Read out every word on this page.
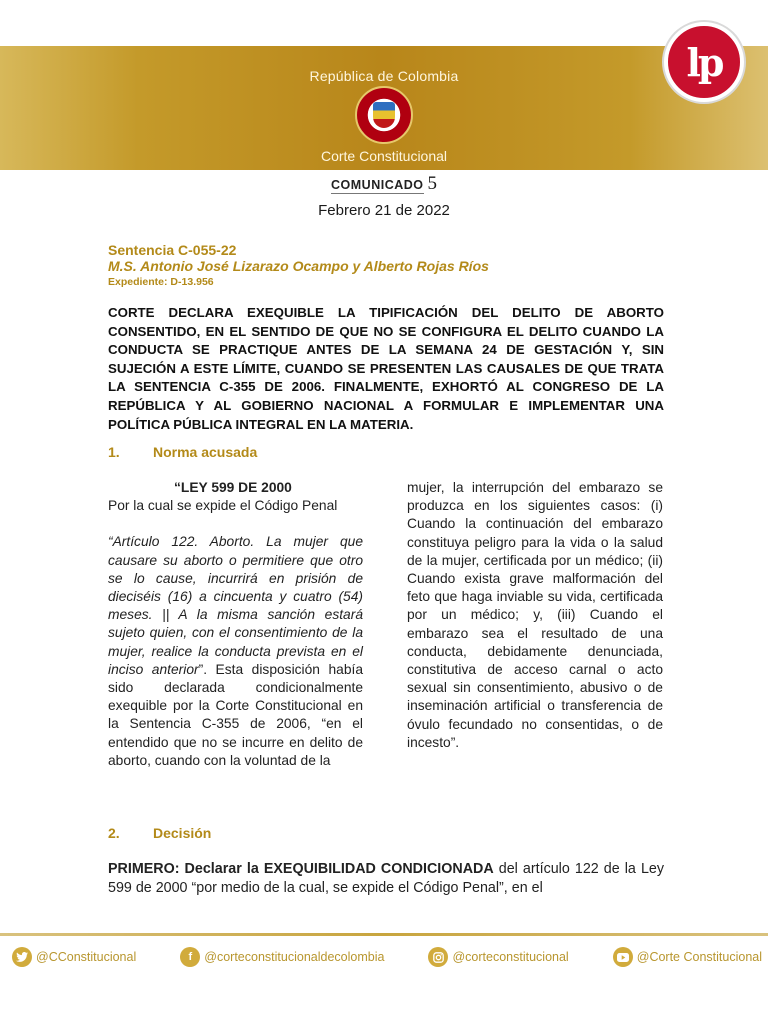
República de Colombia
Corte Constitucional
lp
COMUNICADO 5
Febrero 21 de 2022
Sentencia C-055-22
M.S. Antonio José Lizarazo Ocampo y Alberto Rojas Ríos
Expediente: D-13.956
CORTE DECLARA EXEQUIBLE LA TIPIFICACIÓN DEL DELITO DE ABORTO CONSENTIDO, EN EL SENTIDO DE QUE NO SE CONFIGURA EL DELITO CUANDO LA CONDUCTA SE PRACTIQUE ANTES DE LA SEMANA 24 DE GESTACIÓN Y, SIN SUJECIÓN A ESTE LÍMITE, CUANDO SE PRESENTEN LAS CAUSALES DE QUE TRATA LA SENTENCIA C-355 DE 2006. FINALMENTE, EXHORTÓ AL CONGRESO DE LA REPÚBLICA Y AL GOBIERNO NACIONAL A FORMULAR E IMPLEMENTAR UNA POLÍTICA PÚBLICA INTEGRAL EN LA MATERIA.
1. Norma acusada

“LEY 599 DE 2000

Por la cual se expide el Código Penal

“Artículo 122. Aborto. La mujer que causare su aborto o permitiere que otro se lo cause, incurrirá en prisión de dieciséis (16) a cincuenta y cuatro (54) meses. || A la misma sanción estará sujeto quien, con el consentimiento de la mujer, realice la conducta prevista en el inciso anterior”. Esta disposición había sido declarada condicionalmente exequible por la Corte Constitucional en la Sentencia C-355 de 2006, “en el entendido que no se incurre en delito de aborto, cuando con la voluntad de la

mujer, la interrupción del embarazo se produzca en los siguientes casos: (i) Cuando la continuación del embarazo constituya peligro para la vida o la salud de la mujer, certificada por un médico; (ii) Cuando exista grave malformación del feto que haga inviable su vida, certificada por un médico; y, (iii) Cuando el embarazo sea el resultado de una conducta, debidamente denunciada, constitutiva de acceso carnal o acto sexual sin consentimiento, abusivo o de inseminación artificial o transferencia de óvulo fecundado no consentidas, o de incesto”.

2. Decisión
PRIMERO: Declarar la EXEQUIBILIDAD CONDICIONADA del artículo 122 de la Ley 599 de 2000 “por medio de la cual, se expide el Código Penal”, en el
@CConstitucional	f @corteconstitucionaldecolombia	@corteconstitucional	@Corte Constitucional
